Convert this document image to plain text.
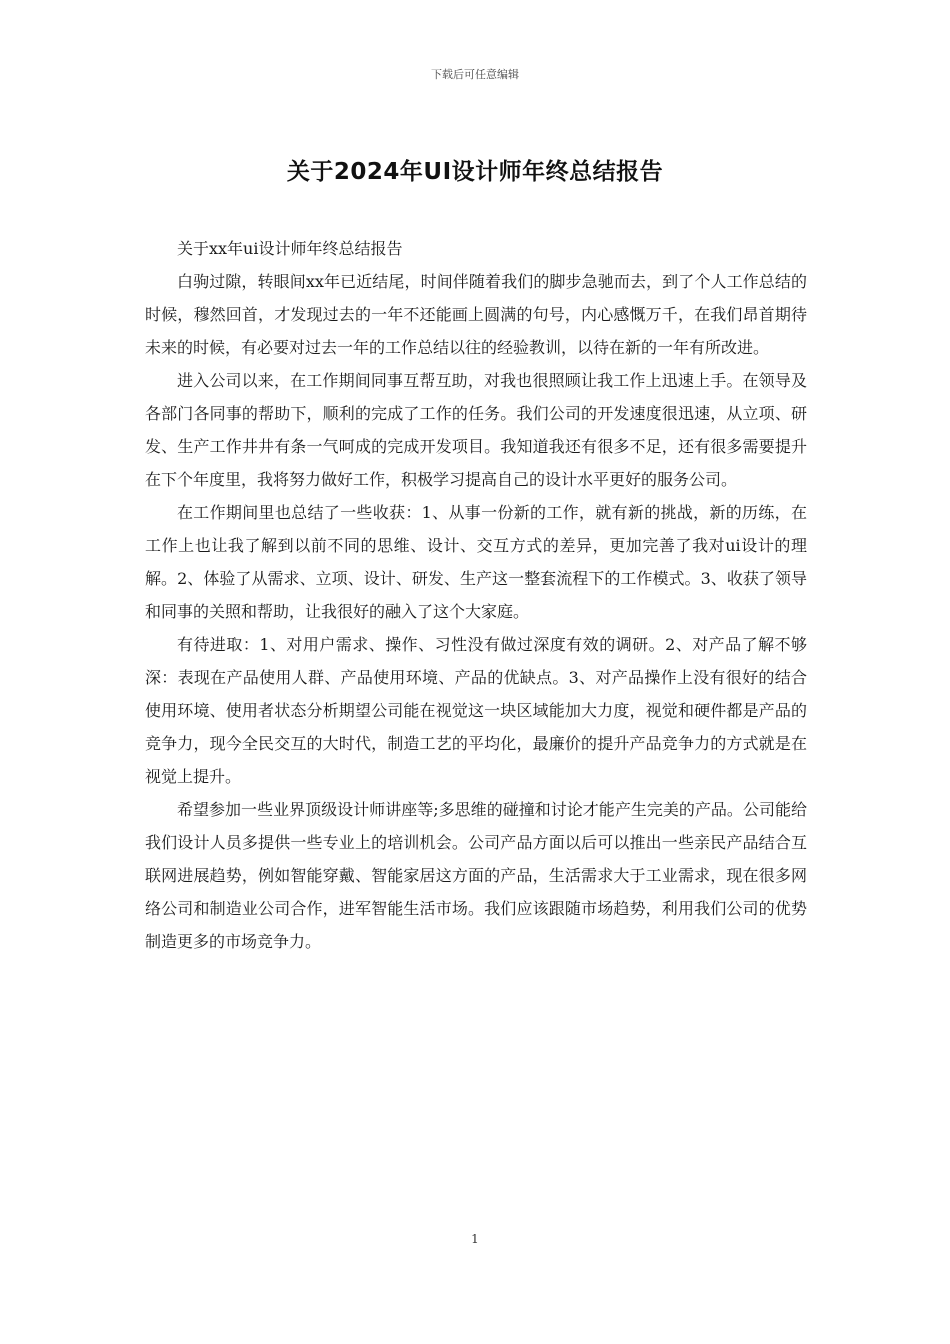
下载后可任意编辑
关于2024年UI设计师年终总结报告

关于xx年ui设计师年终总结报告

白驹过隙，转眼间xx年已近结尾，时间伴随着我们的脚步急驰而去，到了个人工作总结的时候，穆然回首，才发现过去的一年不还能画上圆满的句号，内心感慨万千，在我们昂首期待未来的时候，有必要对过去一年的工作总结以往的经验教训，以待在新的一年有所改进。

进入公司以来，在工作期间同事互帮互助，对我也很照顾让我工作上迅速上手。在领导及各部门各同事的帮助下，顺利的完成了工作的任务。我们公司的开发速度很迅速，从立项、研发、生产工作井井有条一气呵成的完成开发项目。我知道我还有很多不足，还有很多需要提升在下个年度里，我将努力做好工作，积极学习提高自己的设计水平更好的服务公司。

在工作期间里也总结了一些收获：1、从事一份新的工作，就有新的挑战，新的历练，在工作上也让我了解到以前不同的思维、设计、交互方式的差异，更加完善了我对ui设计的理解。2、体验了从需求、立项、设计、研发、生产这一整套流程下的工作模式。3、收获了领导和同事的关照和帮助，让我很好的融入了这个大家庭。

有待进取：1、对用户需求、操作、习性没有做过深度有效的调研。2、对产品了解不够深：表现在产品使用人群、产品使用环境、产品的优缺点。3、对产品操作上没有很好的结合使用环境、使用者状态分析期望公司能在视觉这一块区域能加大力度，视觉和硬件都是产品的竞争力，现今全民交互的大时代，制造工艺的平均化，最廉价的提升产品竞争力的方式就是在视觉上提升。

希望参加一些业界顶级设计师讲座等;多思维的碰撞和讨论才能产生完美的产品。公司能给我们设计人员多提供一些专业上的培训机会。公司产品方面以后可以推出一些亲民产品结合互联网进展趋势，例如智能穿戴、智能家居这方面的产品，生活需求大于工业需求，现在很多网络公司和制造业公司合作，进军智能生活市场。我们应该跟随市场趋势，利用我们公司的优势制造更多的市场竞争力。

1
